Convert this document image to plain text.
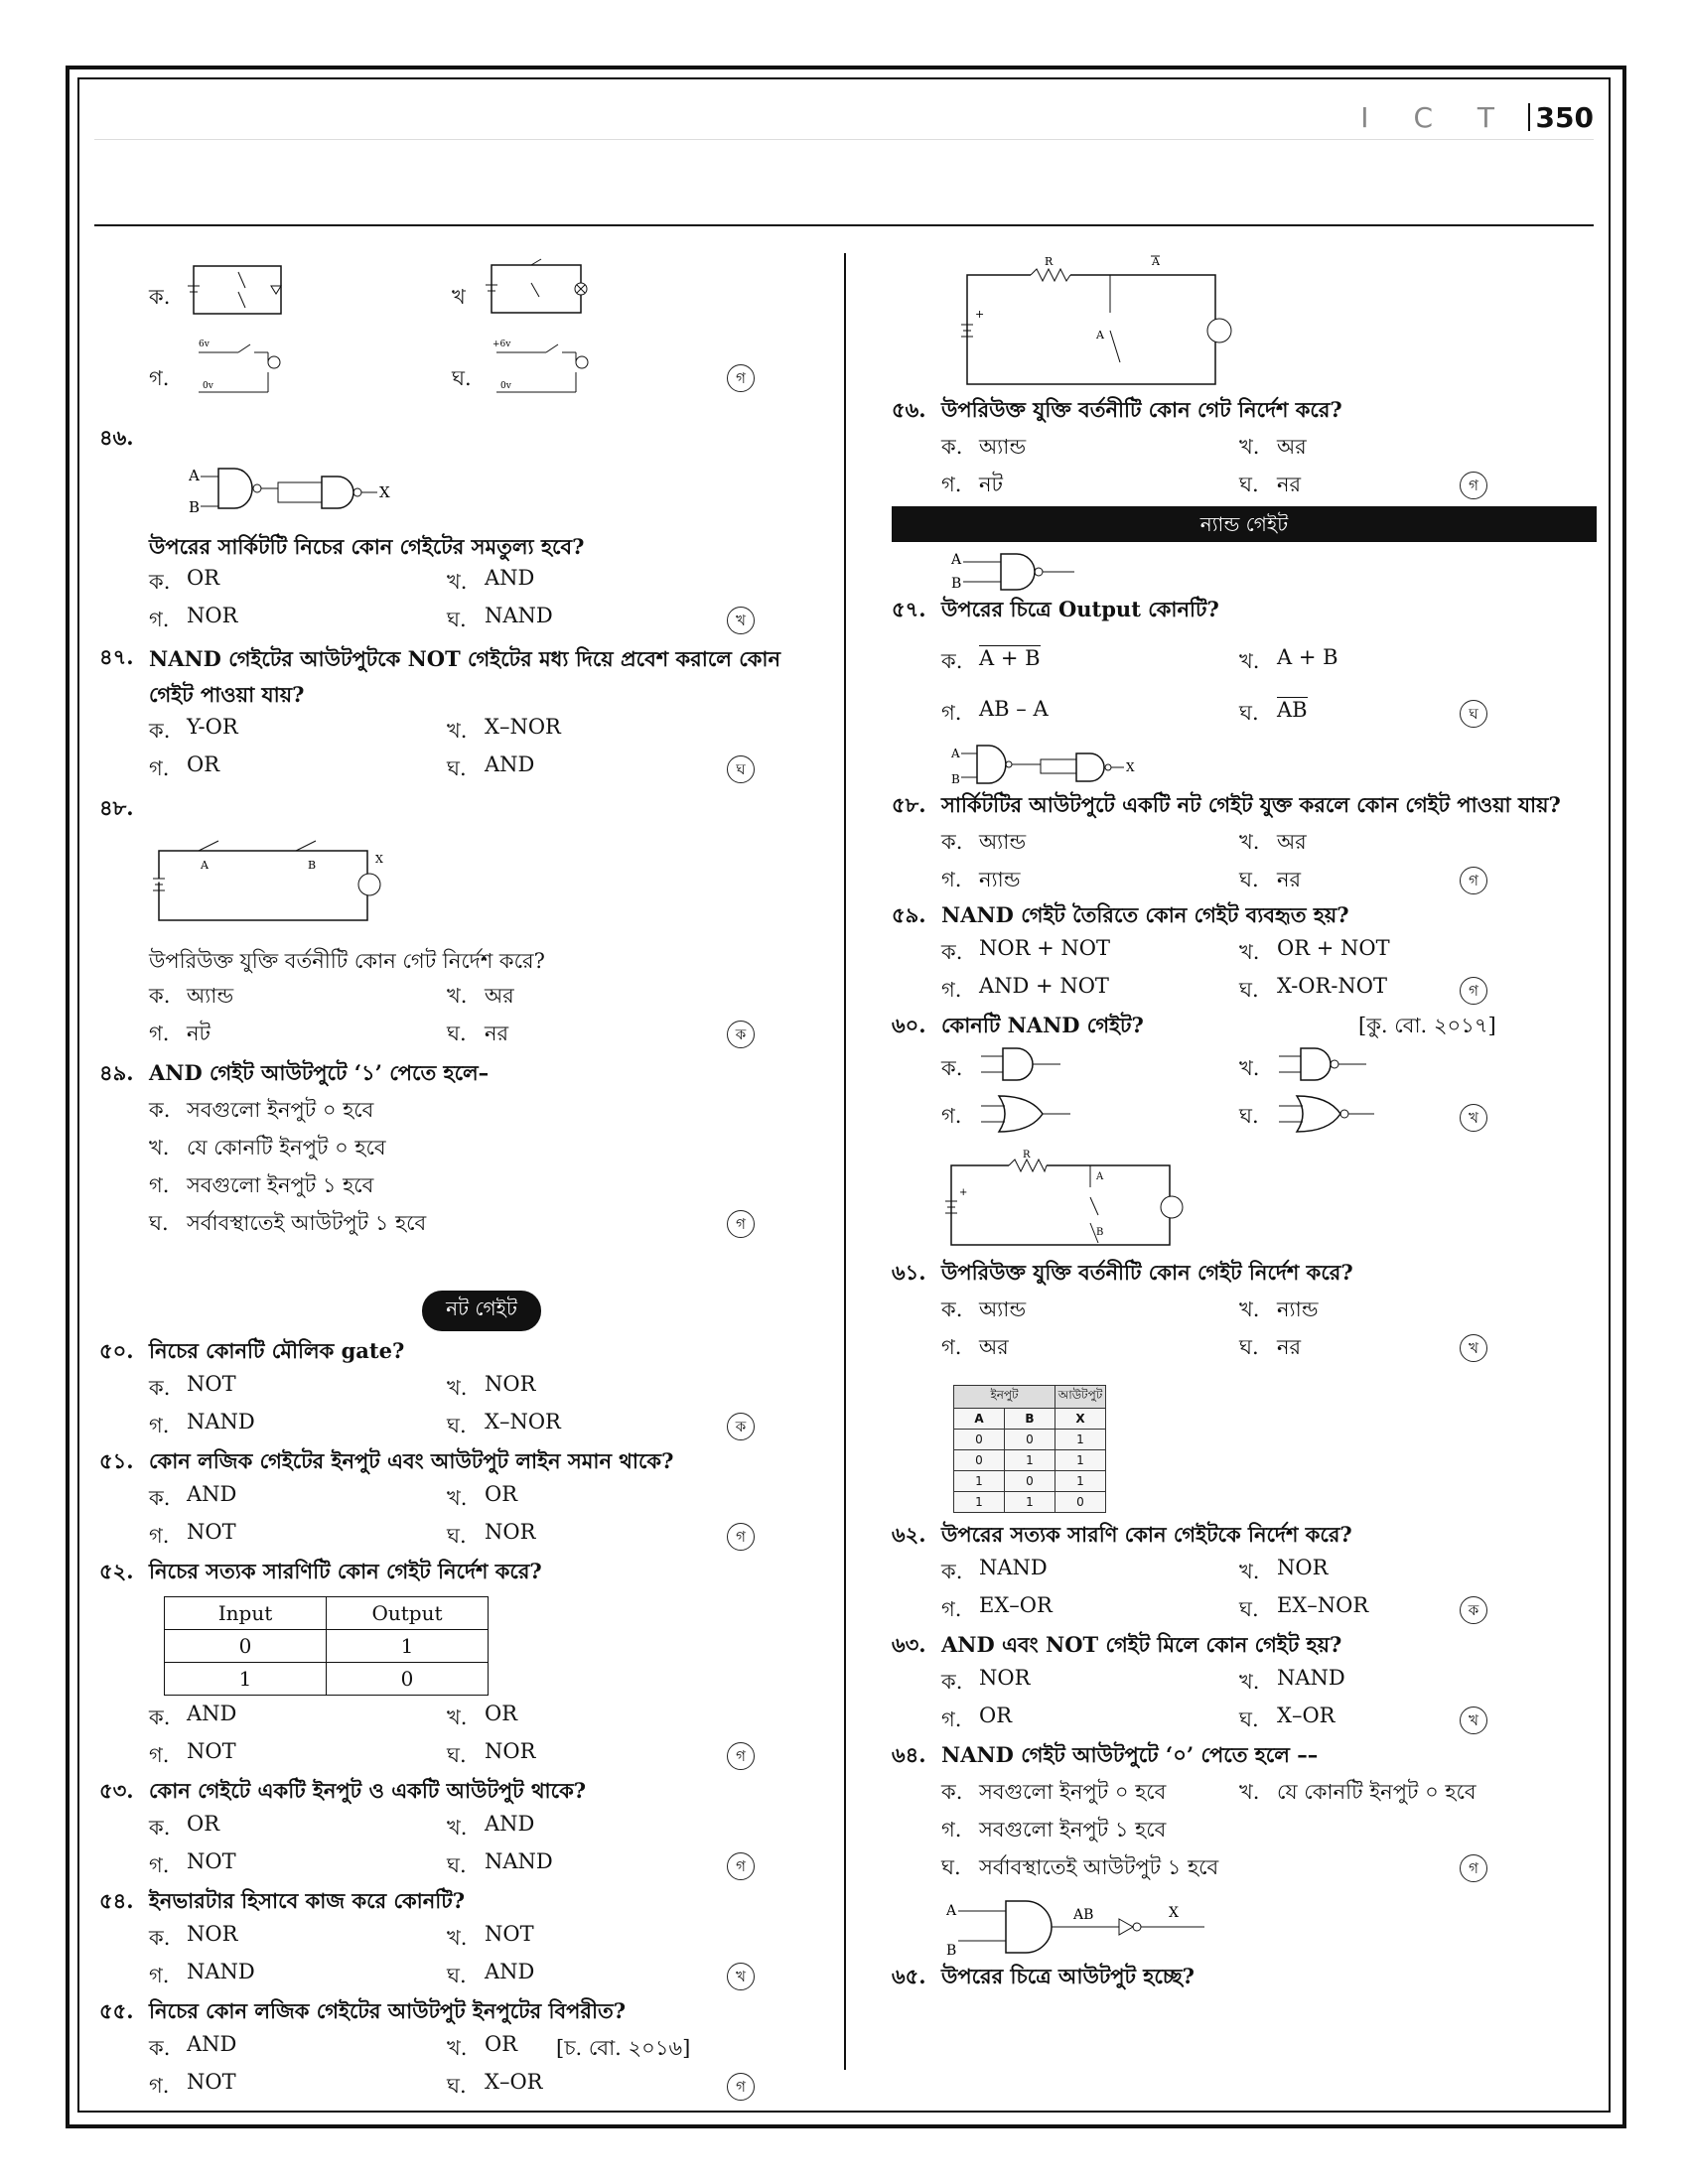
I C T 350
ক.	খ
গ.
6v
0v	ঘ.
+6v
0v	গ
৪৬.
A
B
X
উপরের সার্কিটটি নিচের কোন গেইটের সমতুল্য হবে?
ক. OR	খ. AND
গ. NOR	ঘ. NAND	খ
৪৭. NAND গেইটের আউটপুটকে NOT গেইটের মধ্য দিয়ে প্রবেশ করালে কোন গেইট পাওয়া যায়?
ক. Y-OR	খ. X–NOR
গ. OR	ঘ. AND	ঘ
৪৮.
A	B	X
উপরিউক্ত যুক্তি বর্তনীটি কোন গেট নির্দেশ করে?
ক. অ্যান্ড	খ. অর
গ. নট	ঘ. নর	ক
৪৯. AND গেইট আউটপুটে ‘১’ পেতে হলে–
ক. সবগুলো ইনপুট ০ হবে
খ. যে কোনটি ইনপুট ০ হবে
গ. সবগুলো ইনপুট ১ হবে
ঘ. সর্বাবস্থাতেই আউটপুট ১ হবে	গ
নট গেইট
৫০. নিচের কোনটি মৌলিক gate?
ক. NOT	খ. NOR
গ. NAND	ঘ. X–NOR	ক
৫১. কোন লজিক গেইটের ইনপুট এবং আউটপুট লাইন সমান থাকে?
ক. AND	খ. OR
গ. NOT	ঘ. NOR	গ
৫২. নিচের সত্যক সারণিটি কোন গেইট নির্দেশ করে?
Input	Output
0	1
1	0
ক. AND	খ. OR
গ. NOT	ঘ. NOR	গ
৫৩. কোন গেইটে একটি ইনপুট ও একটি আউটপুট থাকে?
ক. OR	খ. AND
গ. NOT	ঘ. NAND	গ
৫৪. ইনভারটার হিসাবে কাজ করে কোনটি?
ক. NOR	খ. NOT
গ. NAND	ঘ. AND	খ
৫৫. নিচের কোন লজিক গেইটের আউটপুট ইনপুটের বিপরীত?
ক. AND	খ. OR [চ. বো. ২০১৬]
গ. NOT	ঘ. X–OR	গ
R	A
A
+
৫৬. উপরিউক্ত যুক্তি বর্তনীটি কোন গেট নির্দেশ করে?
ক. অ্যান্ড	খ. অর
গ. নট	ঘ. নর	গ
ন্যান্ড গেইট
A
B
৫৭. উপরের চিত্রে Output কোনটি?
ক. A + B	খ. A + B
গ. AB – A	ঘ. AB	ঘ
A
B
X
৫৮. সার্কিটটির আউটপুটে একটি নট গেইট যুক্ত করলে কোন গেইট পাওয়া যায়?
ক. অ্যান্ড	খ. অর
গ. ন্যান্ড	ঘ. নর	গ
৫৯. NAND গেইট তৈরিতে কোন গেইট ব্যবহৃত হয়?
ক. NOR + NOT	খ. OR + NOT
গ. AND + NOT	ঘ. X-OR-NOT	গ
৬০. কোনটি NAND গেইট?	[কু. বো. ২০১৭]
ক.	খ.
গ.	ঘ.	খ
R
A
B
+
৬১. উপরিউক্ত যুক্তি বর্তনীটি কোন গেইট নির্দেশ করে?
ক. অ্যান্ড	খ. ন্যান্ড
গ. অর	ঘ. নর	খ
ইনপুট		আউটপুট
A	B	X
0	0	1
0	1	1
1	0	1
1	1	0
৬২. উপরের সত্যক সারণি কোন গেইটকে নির্দেশ করে?
ক. NAND	খ. NOR
গ. EX–OR	ঘ. EX–NOR	ক
৬৩. AND এবং NOT গেইট মিলে কোন গেইট হয়?
ক. NOR	খ. NAND
গ. OR	ঘ. X–OR	খ
৬৪. NAND গেইট আউটপুটে ‘০’ পেতে হলে ––
ক. সবগুলো ইনপুট ০ হবে	খ. যে কোনটি ইনপুট ০ হবে
গ. সবগুলো ইনপুট ১ হবে
ঘ. সর্বাবস্থাতেই আউটপুট ১ হবে	গ
A
B
AB	X
৬৫. উপরের চিত্রে আউটপুট হচ্ছে?
